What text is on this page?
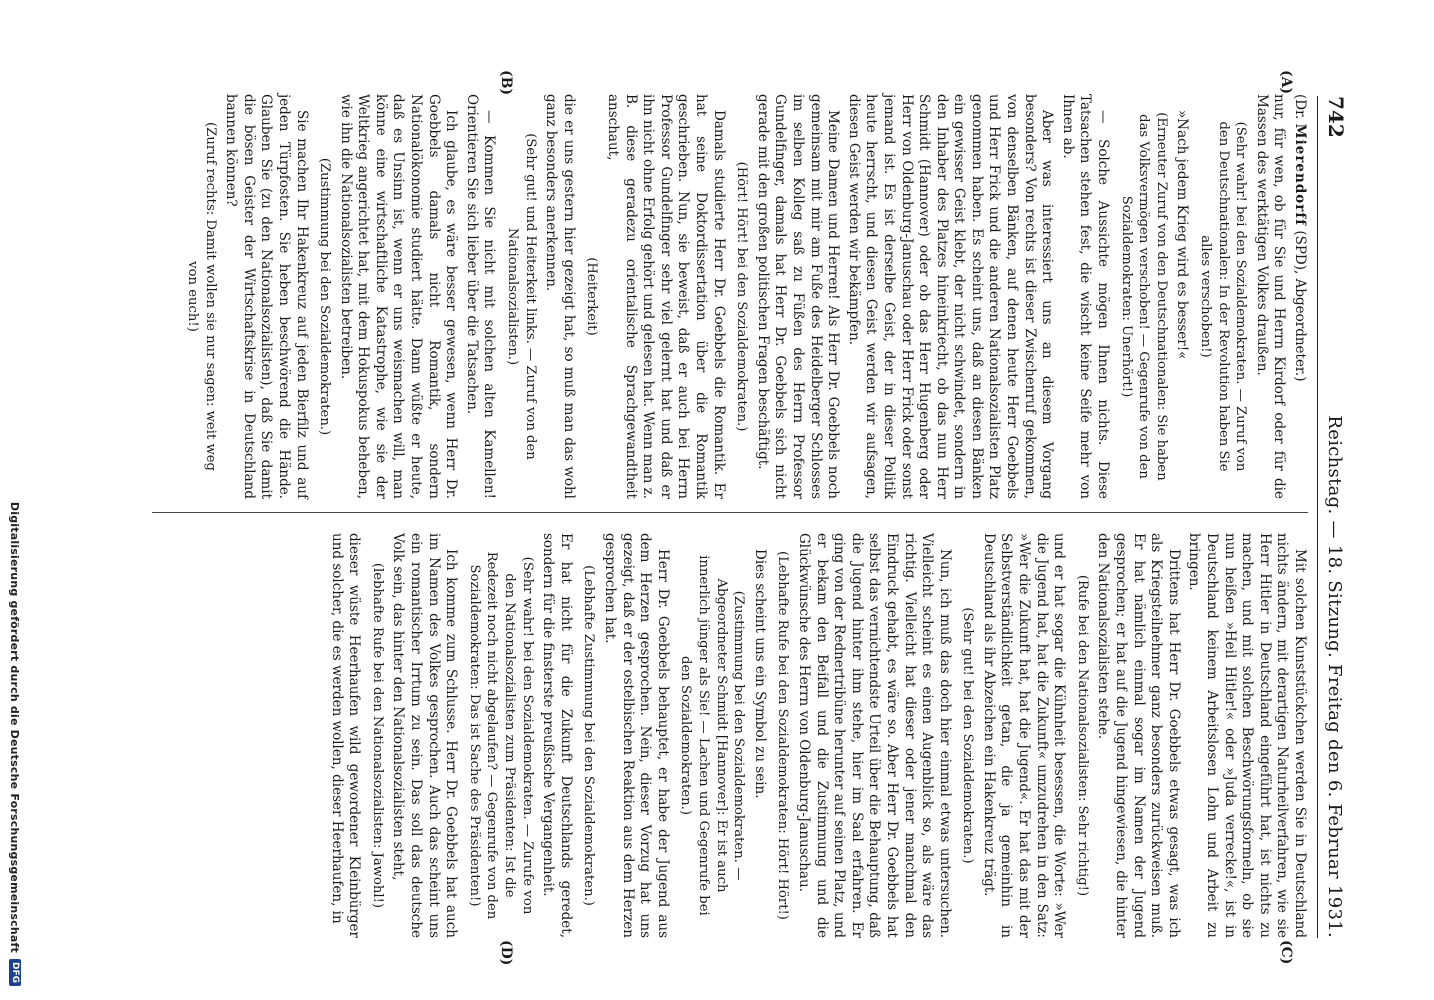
742
Reichstag. — 18. Sitzung. Freitag den 6. Februar 1931.
(A)
(B)
(C)
(D)

(Dr. Mierendorff (SPD), Abgeordneter.)

nur, für wen, ob für Sie und Herrn Kirdorf oder für die Massen des werktätigen Volkes draußen.

(Sehr wahr! bei den Sozialdemokraten. — Zuruf von den Deutschnationalen: In der Revolution haben Sie alles verschoben!)

»Nach jedem Krieg wird es besser!«

(Erneuter Zuruf von den Deutschnationalen: Sie haben das Volksvermögen verschoben! — Gegenrufe von den Sozialdemokraten: Unerhört!)

— Solche Aussichte mögen Ihnen nichts. Diese Tatsachen stehen fest, die wischt keine Seife mehr von Ihnen ab.

Aber was interessiert uns an diesem Vorgang besonders? Von rechts ist dieser Zwischenruf gekommen, von denselben Bänken, auf denen heute Herr Goebbels und Herr Frick und die anderen Nationalsozialisten Platz genommen haben. Es scheint uns, daß an diesen Bänken ein gewisser Geist klebt, der nicht schwindet, sondern in den Inhaber des Platzes hineinkriecht, ob das nun Herr Schmidt (Hannover) oder ob das Herr Hugenberg oder Herr von Oldenburg-Januschau oder Herr Frick oder sonst jemand ist. Es ist derselbe Geist, der in dieser Politik heute herrscht, und diesen Geist werden wir aufsagen, diesen Geist werden wir bekämpfen.

Meine Damen und Herren! Als Herr Dr. Goebbels noch gemeinsam mit mir am Fuße des Heidelberger Schlosses im selben Kolleg saß zu Füßen des Herrn Professor Gundelfinger, damals hat Herr Dr. Goebbels sich nicht gerade mit den großen politischen Fragen beschäftigt.

(Hört! Hört! bei den Sozialdemokraten.)

Damals studierte Herr Dr. Goebbels die Romantik. Er hat seine Doktordissertation über die Romantik geschrieben. Nun, sie beweist, daß er auch bei Herrn Professor Gundelfinger sehr viel gelernt hat und daß er ihn nicht ohne Erfolg gehört und gelesen hat. Wenn man z. B. diese geradezu orientalische Sprachgewandtheit anschaut,

(Heiterkeit)

die er uns gestern hier gezeigt hat, so muß man das wohl ganz besonders anerkennen.

(Sehr gut! und Heiterkeit links. — Zuruf von den Nationalsozialisten.)

— Kommen Sie nicht mit solchen alten Kamellen! Orientieren Sie sich lieber über die Tatsachen.

Ich glaube, es wäre besser gewesen, wenn Herr Dr. Goebbels damals nicht Romantik, sondern Nationalökonomie studiert hätte. Dann wüßte er heute, daß es Unsinn ist, wenn er uns weismachen will, man könne eine wirtschaftliche Katastrophe, wie sie der Weltkrieg angerichtet hat, mit dem Hokuspokus beheben, wie ihn die Nationalsozialisten betreiben.

(Zustimmung bei den Sozialdemokraten.)

Sie machen Ihr Hakenkreuz auf jeden Bierfilz und auf jeden Türpfosten. Sie heben beschwörend die Hände. Glauben Sie (zu den Nationalsozialisten), daß Sie damit die bösen Geister der Wirtschaftskrise in Deutschland bannen können?

(Zuruf rechts: Damit wollen sie nur sagen: weit weg von euch!)

Mit solchen Kunststückchen werden Sie in Deutschland nichts ändern, mit derartigen Naturheilverfahren, wie sie Herr Hitler in Deutschland eingeführt hat, ist nichts zu machen, und mit solchen Beschwörungsformeln, ob sie nun heißen »Heil Hitler!« oder »Juda verrecke!«, ist in Deutschland keinem Arbeitslosen Lohn und Arbeit zu bringen.

Drittens hat Herr Dr. Goebbels etwas gesagt, was ich als Kriegsteilnehmer ganz besonders zurückweisen muß. Er hat nämlich einmal sogar im Namen der Jugend gesprochen; er hat auf die Jugend hingewiesen, die hinter den Nationalsozialisten stehe.

(Rufe bei den Nationalsozialisten: Sehr richtig!)

und er hat sogar die Kühnheit besessen, die Worte: »Wer die Jugend hat, hat die Zukunft« umzudrehen in den Satz: »Wer die Zukunft hat, hat die Jugend«. Er hat das mit der Selbstverständlichkeit getan, die ja gemeinhin in Deutschland als ihr Abzeichen ein Hakenkreuz trägt.

(Sehr gut! bei den Sozialdemokraten.)

Nun, ich muß das doch hier einmal etwas untersuchen. Vielleicht scheint es einen Augenblick so, als wäre das richtig. Vielleicht hat dieser oder jener manchmal den Eindruck gehabt, es wäre so. Aber Herr Dr. Goebbels hat selbst das vernichtendste Urteil über die Behauptung, daß die Jugend hinter ihm stehe, hier im Saal erfahren. Er ging von der Rednertribüne herunter auf seinen Platz, und er bekam den Beifall und die Zustimmung und die Glückwünsche des Herrn von Oldenburg-Januschau.

(Lebhafte Rufe bei den Sozialdemokraten: Hört! Hört!)

Dies scheint uns ein Symbol zu sein.

(Zustimmung bei den Sozialdemokraten. — Abgeordneter Schmidt [Hannover]: Er ist auch innerlich jünger als Sie! — Lachen und Gegenrufe bei den Sozialdemokraten.)

Herr Dr. Goebbels behauptet, er habe der Jugend aus dem Herzen gesprochen. Nein, dieser Vorzug hat uns gezeigt, daß er der ostelbischen Reaktion aus dem Herzen gesprochen hat.

(Lebhafte Zustimmung bei den Sozialdemokraten.)

Er hat nicht für die Zukunft Deutschlands geredet, sondern für die finsterste preußische Vergangenheit.

(Sehr wahr! bei den Sozialdemokraten. — Zurufe von den Nationalsozialisten zum Präsidenten: Ist die Redezeit noch nicht abgelaufen? — Gegenrufe von den Sozialdemokraten: Das ist Sache des Präsidenten!)

Ich komme zum Schlusse. Herr Dr. Goebbels hat auch im Namen des Volkes gesprochen. Auch das scheint uns ein romantischer Irrtum zu sein. Das soll das deutsche Volk sein, das hinter den Nationalsozialisten steht,

(lebhafte Rufe bei den Nationalsozialisten: Jawohl!)

dieser wüste Heerhaufen wild gewordener Kleinbürger und solcher, die es werden wollen, dieser Heerhaufen, in

Digitalisierung gefördert durch die Deutsche Forschungsgemeinschaft
DFG
